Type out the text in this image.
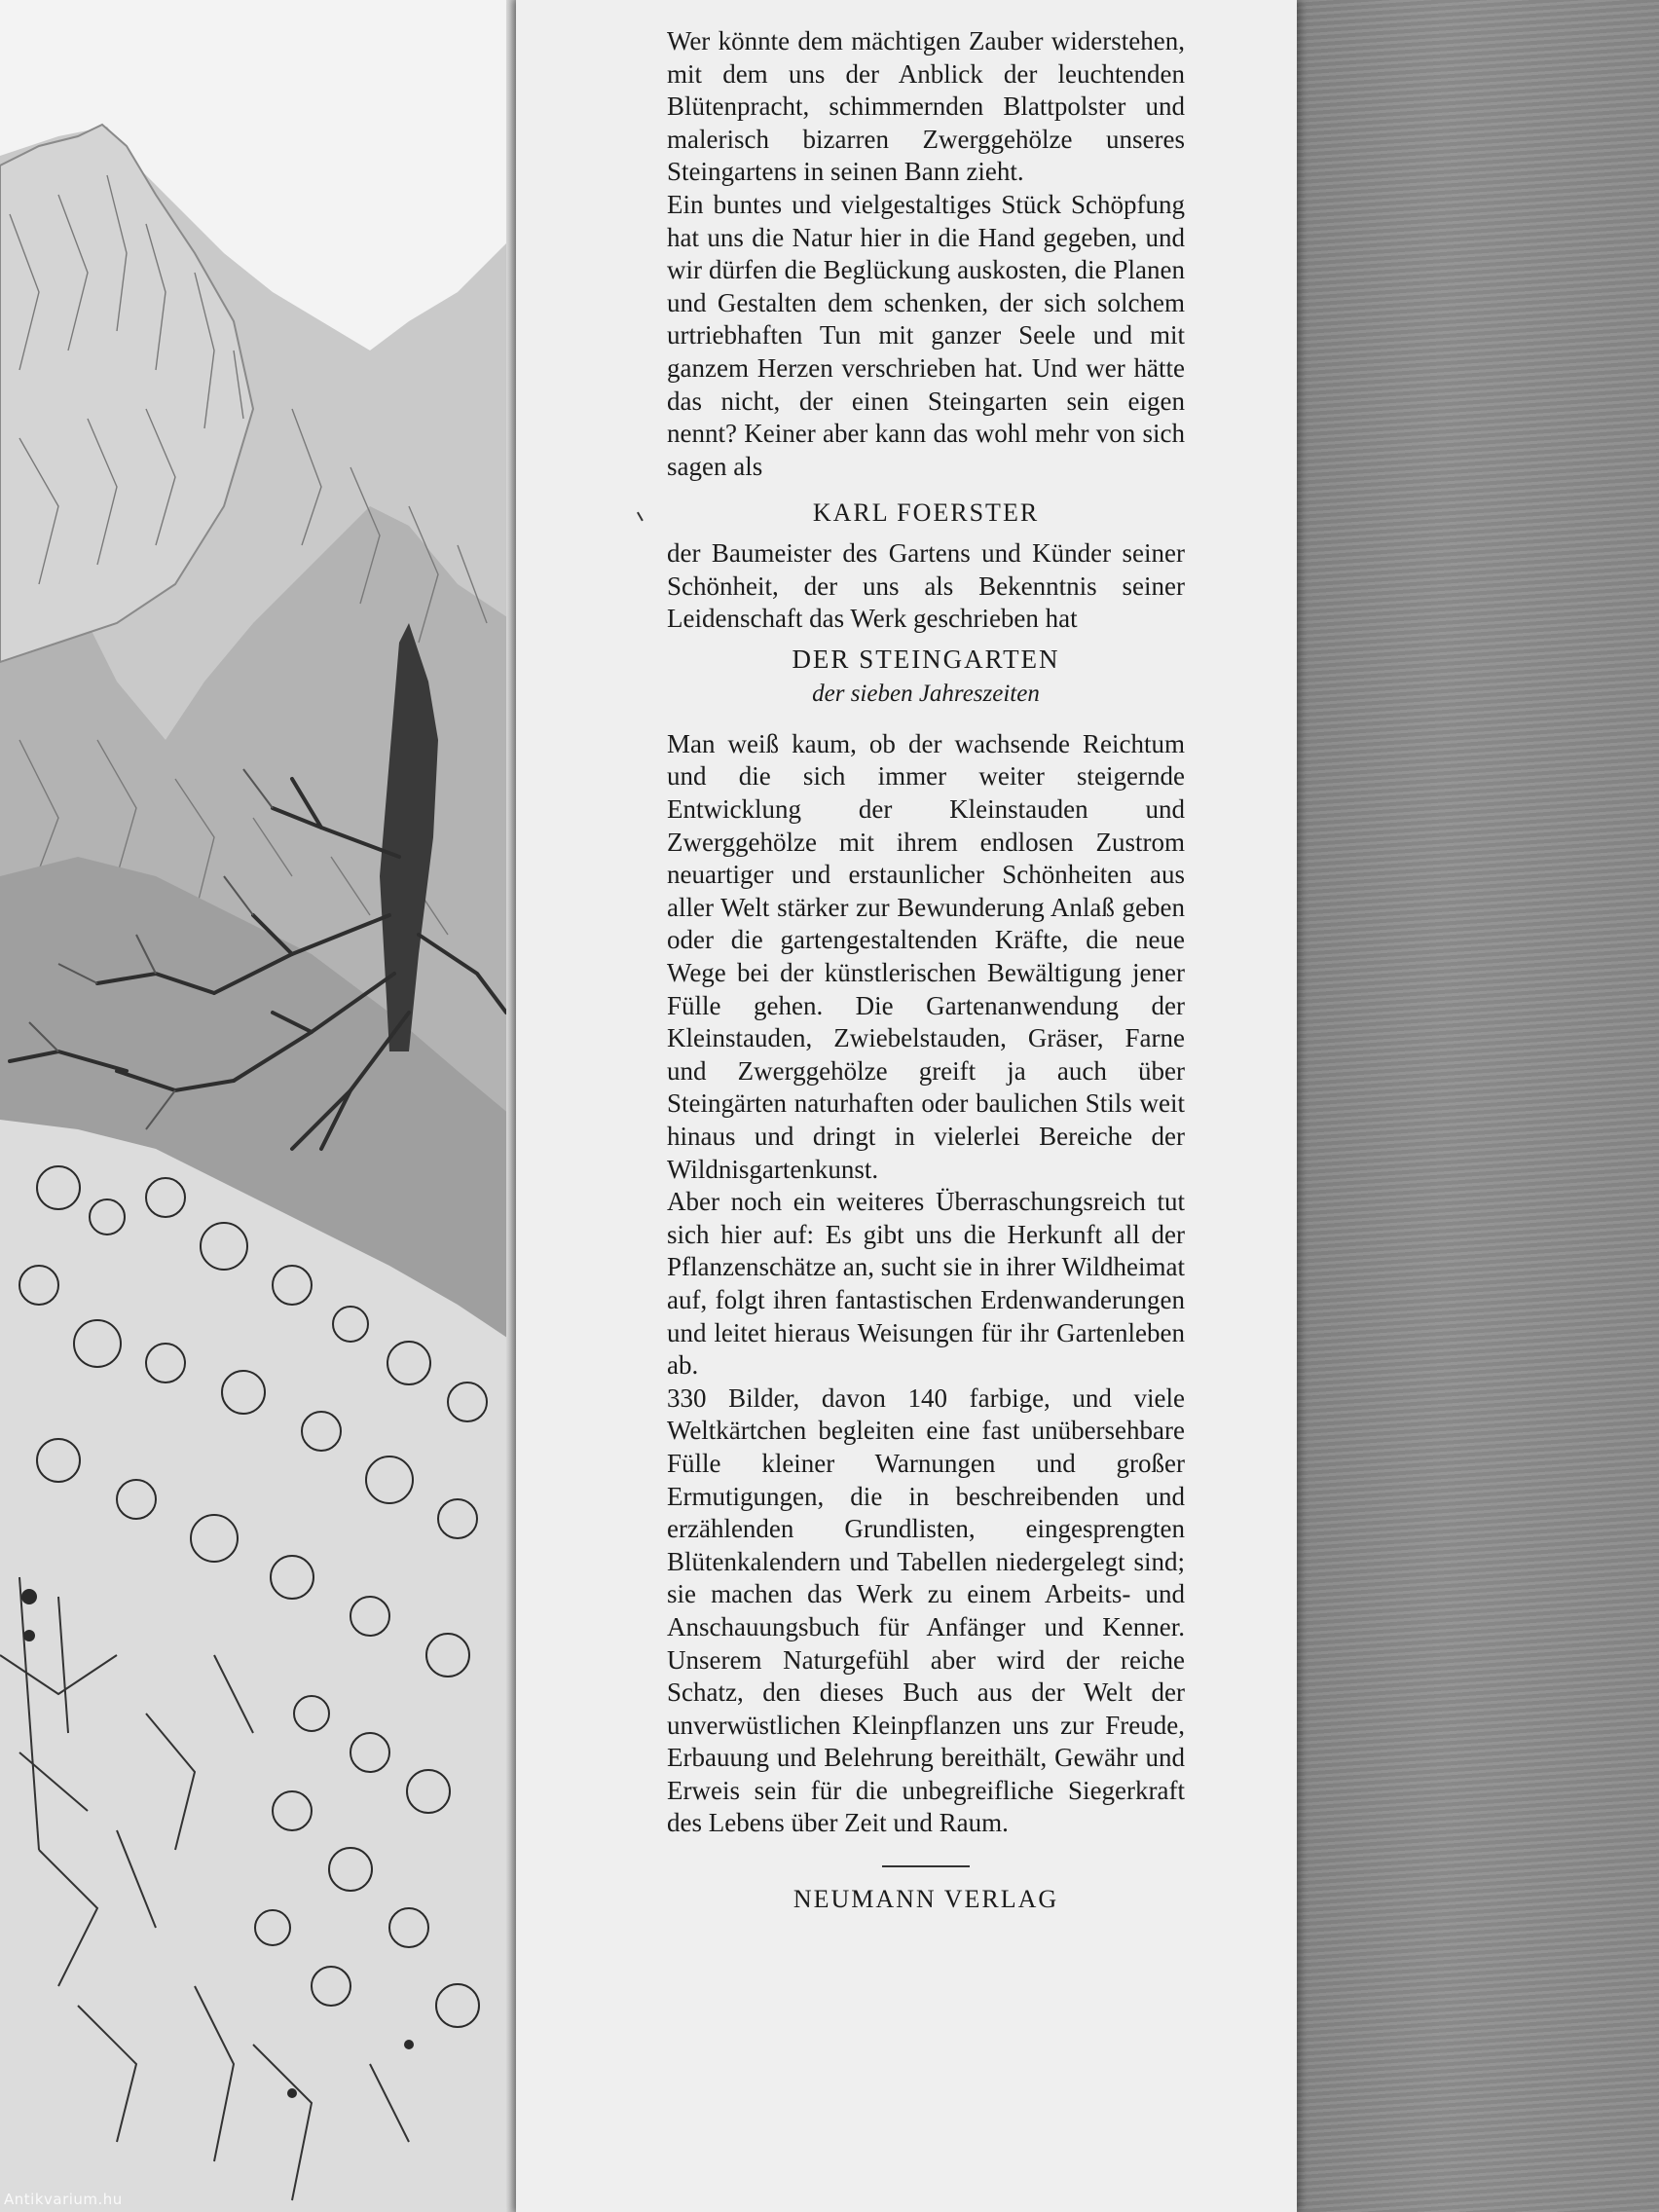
Wer könnte dem mächtigen Zauber widerstehen, mit dem uns der Anblick der leuchtenden Blütenpracht, schimmernden Blattpolster und malerisch bizarren Zwerggehölze unseres Steingartens in seinen Bann zieht.

Ein buntes und vielgestaltiges Stück Schöpfung hat uns die Natur hier in die Hand gegeben, und wir dürfen die Beglückung auskosten, die Planen und Gestalten dem schenken, der sich solchem urtriebhaften Tun mit ganzer Seele und mit ganzem Herzen verschrieben hat. Und wer hätte das nicht, der einen Steingarten sein eigen nennt? Keiner aber kann das wohl mehr von sich sagen als

KARL FOERSTER

der Baumeister des Gartens und Künder seiner Schönheit, der uns als Bekenntnis seiner Leidenschaft das Werk geschrieben hat

DER STEINGARTEN

der sieben Jahreszeiten

Man weiß kaum, ob der wachsende Reichtum und die sich immer weiter steigernde Entwicklung der Kleinstauden und Zwerggehölze mit ihrem endlosen Zustrom neuartiger und erstaunlicher Schönheiten aus aller Welt stärker zur Bewunderung Anlaß geben oder die gartengestaltenden Kräfte, die neue Wege bei der künstlerischen Bewältigung jener Fülle gehen. Die Gartenanwendung der Kleinstauden, Zwiebelstauden, Gräser, Farne und Zwerggehölze greift ja auch über Steingärten naturhaften oder baulichen Stils weit hinaus und dringt in vielerlei Bereiche der Wildnisgartenkunst.

Aber noch ein weiteres Überraschungsreich tut sich hier auf: Es gibt uns die Herkunft all der Pflanzenschätze an, sucht sie in ihrer Wildheimat auf, folgt ihren fantastischen Erdenwanderungen und leitet hieraus Weisungen für ihr Gartenleben ab.

330 Bilder, davon 140 farbige, und viele Weltkärtchen begleiten eine fast unübersehbare Fülle kleiner Warnungen und großer Ermutigungen, die in beschreibenden und erzählenden Grundlisten, eingesprengten Blütenkalendern und Tabellen niedergelegt sind; sie machen das Werk zu einem Arbeits- und Anschauungsbuch für Anfänger und Kenner. Unserem Naturgefühl aber wird der reiche Schatz, den dieses Buch aus der Welt der unverwüstlichen Kleinpflanzen uns zur Freude, Erbauung und Belehrung bereithält, Gewähr und Erweis sein für die unbegreifliche Siegerkraft des Lebens über Zeit und Raum.

NEUMANN VERLAG

Antikvarium.hu
